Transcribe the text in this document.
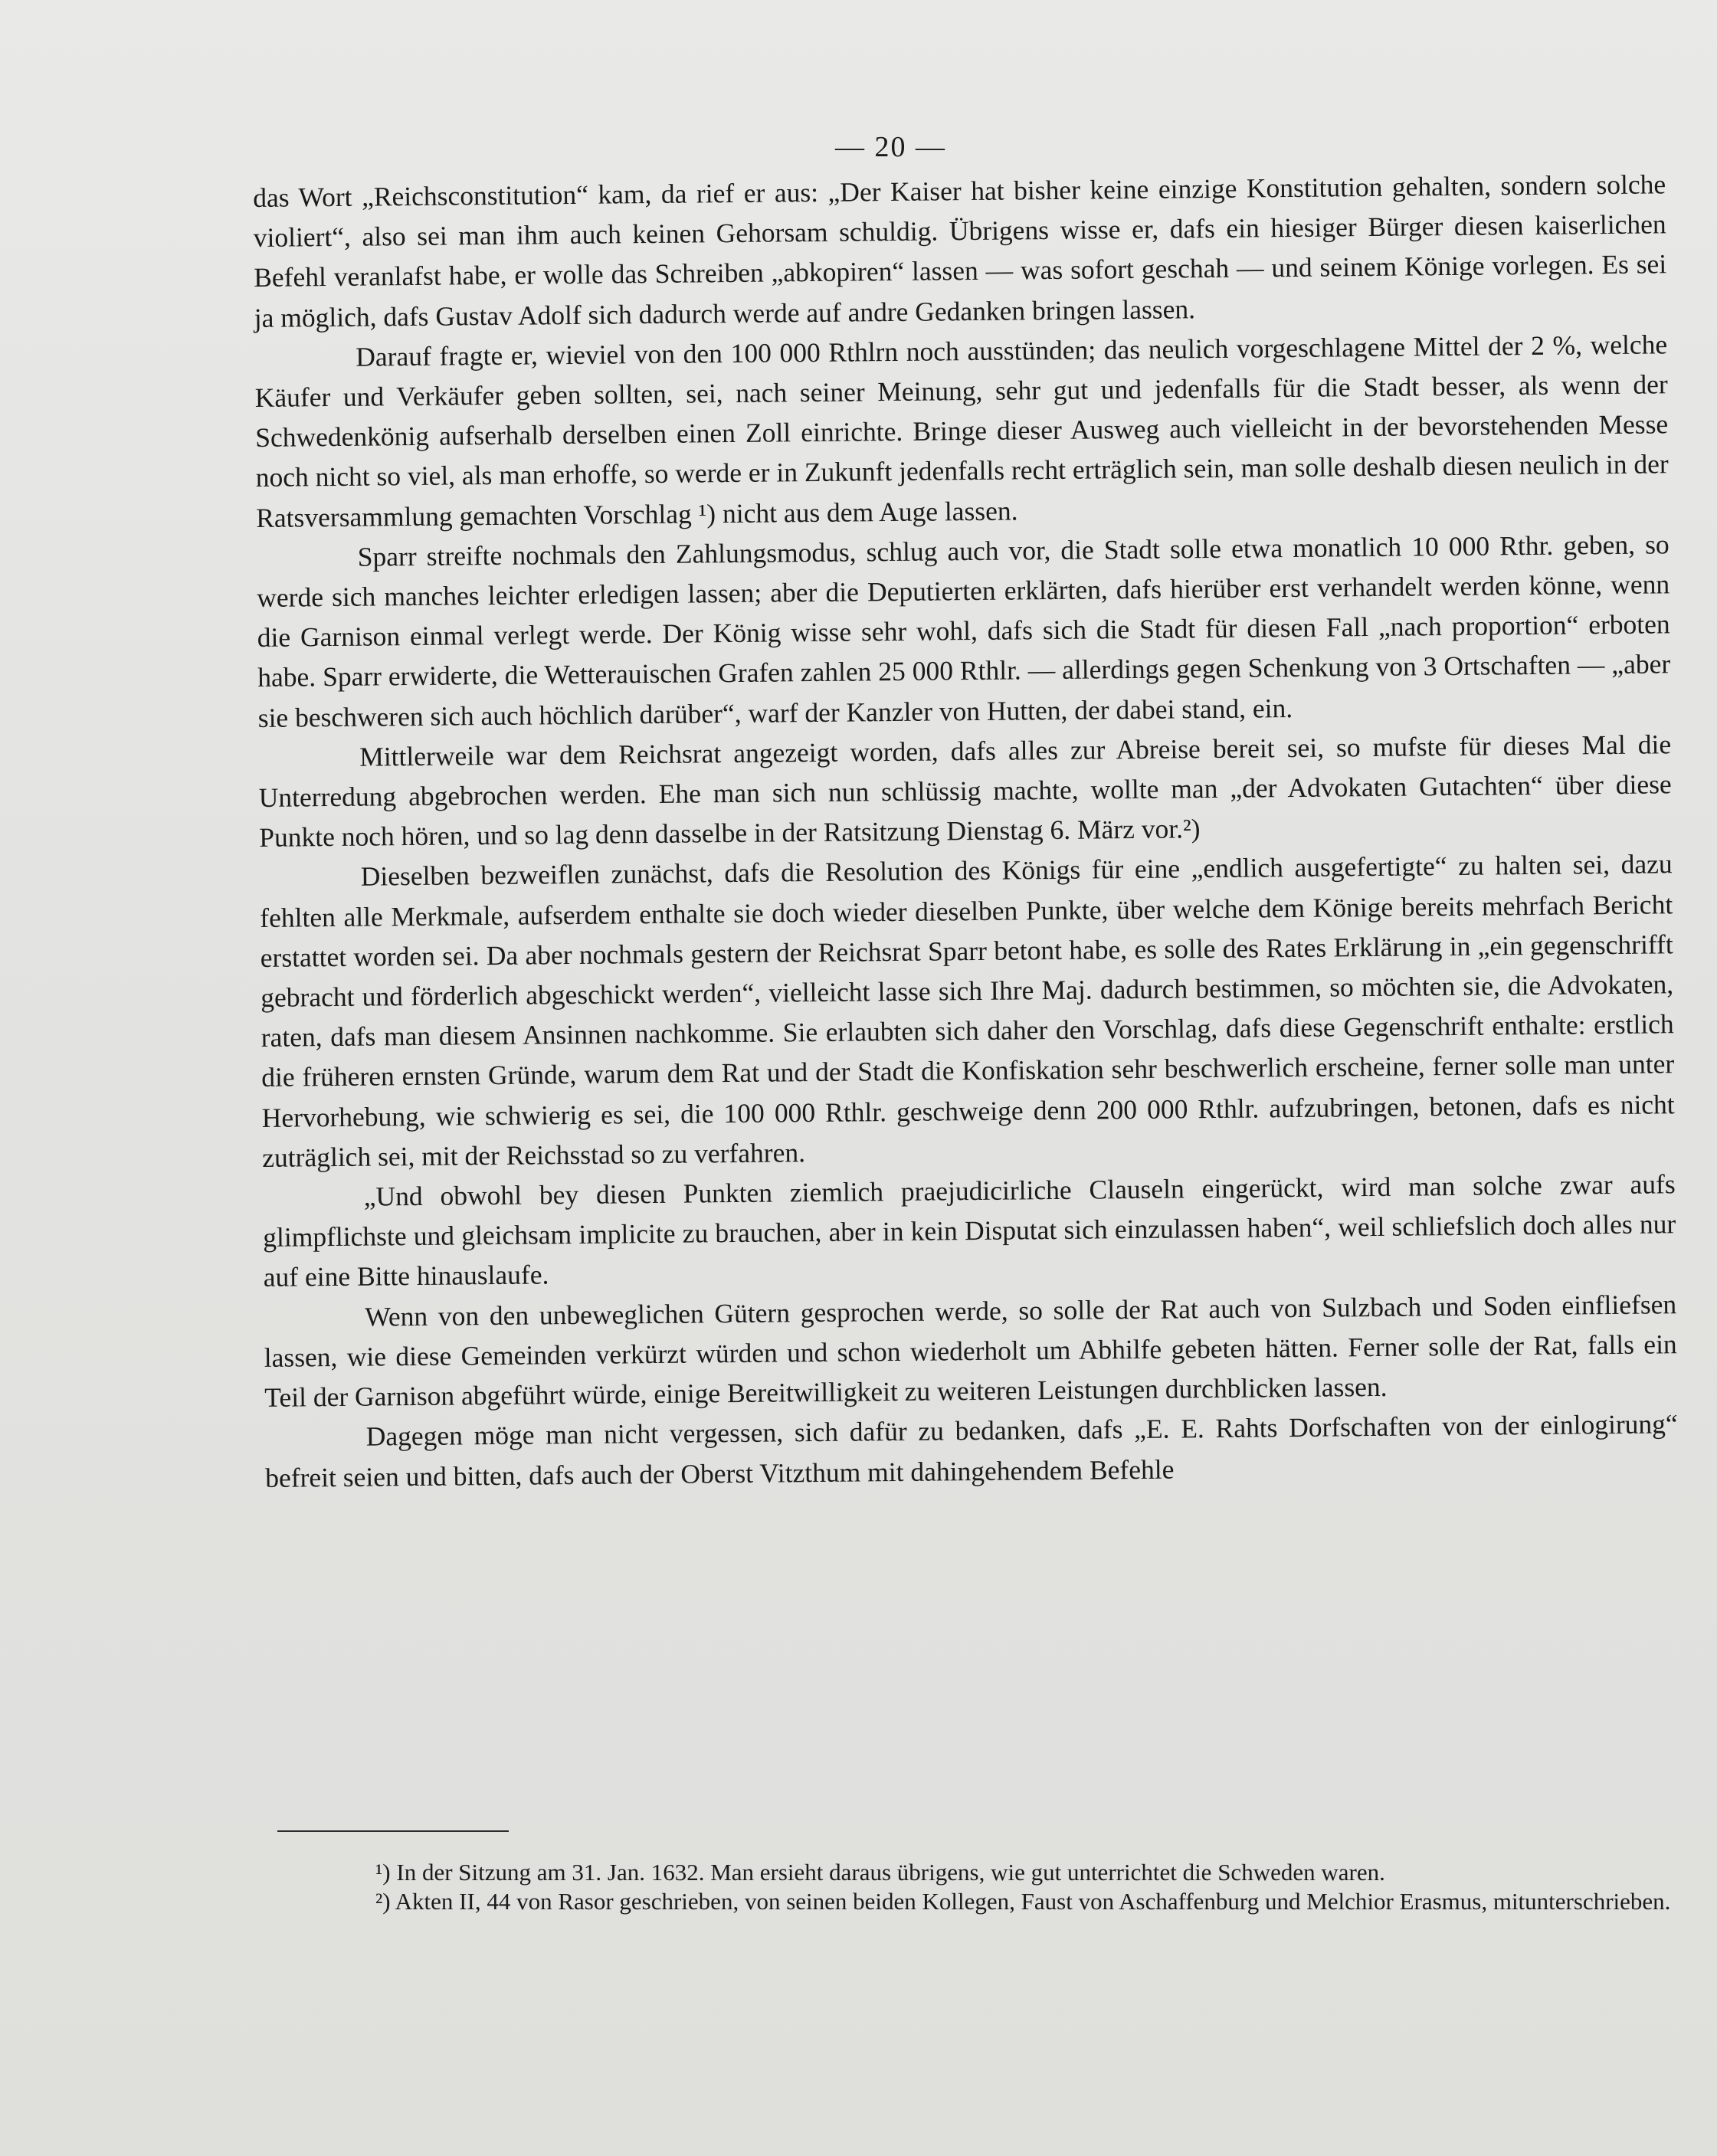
— 20 —

das Wort „Reichsconstitution“ kam, da rief er aus: „Der Kaiser hat bisher keine einzige Konstitution gehalten, sondern solche violiert“, also sei man ihm auch keinen Gehorsam schuldig. Übrigens wisse er, dafs ein hiesiger Bürger diesen kaiserlichen Befehl veranlafst habe, er wolle das Schreiben „abkopiren“ lassen — was sofort geschah — und seinem Könige vorlegen. Es sei ja möglich, dafs Gustav Adolf sich dadurch werde auf andre Gedanken bringen lassen.

Darauf fragte er, wieviel von den 100 000 Rthlrn noch ausstünden; das neulich vorgeschlagene Mittel der 2 %, welche Käufer und Verkäufer geben sollten, sei, nach seiner Meinung, sehr gut und jedenfalls für die Stadt besser, als wenn der Schwedenkönig aufserhalb derselben einen Zoll einrichte. Bringe dieser Ausweg auch vielleicht in der bevorstehenden Messe noch nicht so viel, als man erhoffe, so werde er in Zukunft jedenfalls recht erträglich sein, man solle deshalb diesen neulich in der Ratsversammlung gemachten Vorschlag ¹) nicht aus dem Auge lassen.

Sparr streifte nochmals den Zahlungsmodus, schlug auch vor, die Stadt solle etwa monatlich 10 000 Rthr. geben, so werde sich manches leichter erledigen lassen; aber die Deputierten erklärten, dafs hierüber erst verhandelt werden könne, wenn die Garnison einmal verlegt werde. Der König wisse sehr wohl, dafs sich die Stadt für diesen Fall „nach proportion“ erboten habe. Sparr erwiderte, die Wetterauischen Grafen zahlen 25 000 Rthlr. — allerdings gegen Schenkung von 3 Ortschaften — „aber sie beschweren sich auch höchlich darüber“, warf der Kanzler von Hutten, der dabei stand, ein.

Mittlerweile war dem Reichsrat angezeigt worden, dafs alles zur Abreise bereit sei, so mufste für dieses Mal die Unterredung abgebrochen werden. Ehe man sich nun schlüssig machte, wollte man „der Advokaten Gutachten“ über diese Punkte noch hören, und so lag denn dasselbe in der Ratsitzung Dienstag 6. März vor.²)

Dieselben bezweiflen zunächst, dafs die Resolution des Königs für eine „endlich ausgefertigte“ zu halten sei, dazu fehlten alle Merkmale, aufserdem enthalte sie doch wieder dieselben Punkte, über welche dem Könige bereits mehrfach Bericht erstattet worden sei. Da aber nochmals gestern der Reichsrat Sparr betont habe, es solle des Rates Erklärung in „ein gegenschrifft gebracht und förderlich abgeschickt werden“, vielleicht lasse sich Ihre Maj. dadurch bestimmen, so möchten sie, die Advokaten, raten, dafs man diesem Ansinnen nachkomme. Sie erlaubten sich daher den Vorschlag, dafs diese Gegenschrift enthalte: erstlich die früheren ernsten Gründe, warum dem Rat und der Stadt die Konfiskation sehr beschwerlich erscheine, ferner solle man unter Hervorhebung, wie schwierig es sei, die 100 000 Rthlr. geschweige denn 200 000 Rthlr. aufzubringen, betonen, dafs es nicht zuträglich sei, mit der Reichsstad so zu verfahren.

„Und obwohl bey diesen Punkten ziemlich praejudicirliche Clauseln eingerückt, wird man solche zwar aufs glimpflichste und gleichsam implicite zu brauchen, aber in kein Disputat sich einzulassen haben“, weil schliefslich doch alles nur auf eine Bitte hinauslaufe.

Wenn von den unbeweglichen Gütern gesprochen werde, so solle der Rat auch von Sulzbach und Soden einfliefsen lassen, wie diese Gemeinden verkürzt würden und schon wiederholt um Abhilfe gebeten hätten. Ferner solle der Rat, falls ein Teil der Garnison abgeführt würde, einige Bereitwilligkeit zu weiteren Leistungen durchblicken lassen.

Dagegen möge man nicht vergessen, sich dafür zu bedanken, dafs „E. E. Rahts Dorfschaften von der einlogirung“ befreit seien und bitten, dafs auch der Oberst Vitzthum mit dahingehendem Befehle

¹) In der Sitzung am 31. Jan. 1632. Man ersieht daraus übrigens, wie gut unterrichtet die Schweden waren.

²) Akten II, 44 von Rasor geschrieben, von seinen beiden Kollegen, Faust von Aschaffenburg und Melchior Erasmus, mitunterschrieben.
